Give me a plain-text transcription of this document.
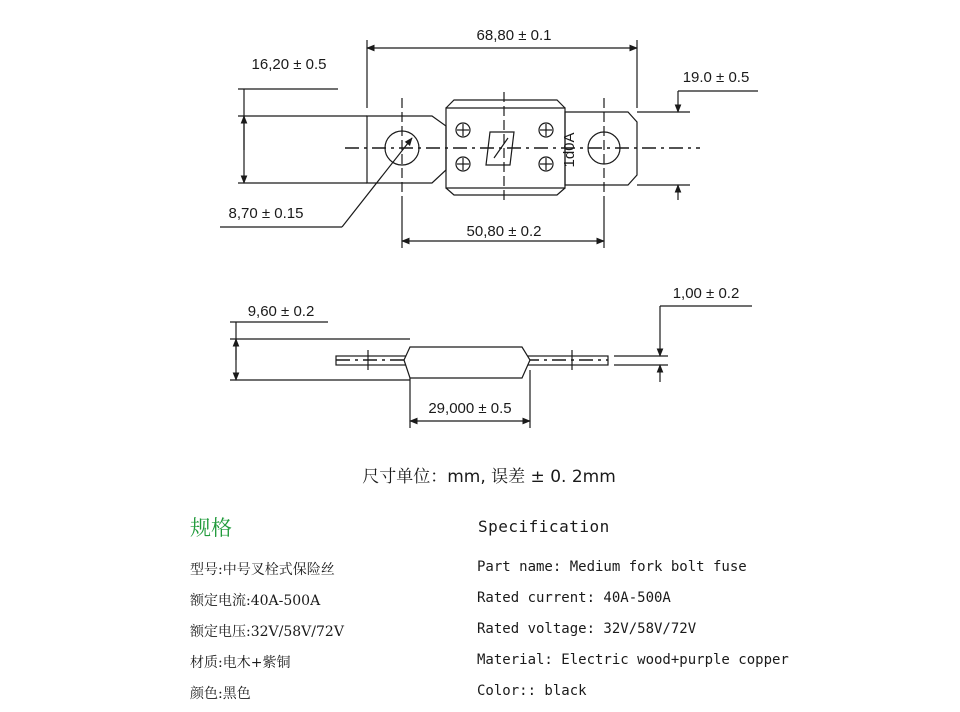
1d0A
68,80 ± 0.1
16,20 ± 0.5
19.0 ± 0.5
8,70 ± 0.15
50,80 ± 0.2
9,60 ± 0.2
1,00 ± 0.2
29,000 ± 0.5
尺寸单位：mm, 误差 ± 0. 2mm
规格	Specification
型号:中号叉栓式保险丝	Part name: Medium fork bolt fuse
额定电流:40A-500A	Rated current: 40A-500A
额定电压:32V/58V/72V	Rated voltage: 32V/58V/72V
材质:电木+紫铜	Material: Electric wood+purple copper
颜色:黑色	Color:: black
